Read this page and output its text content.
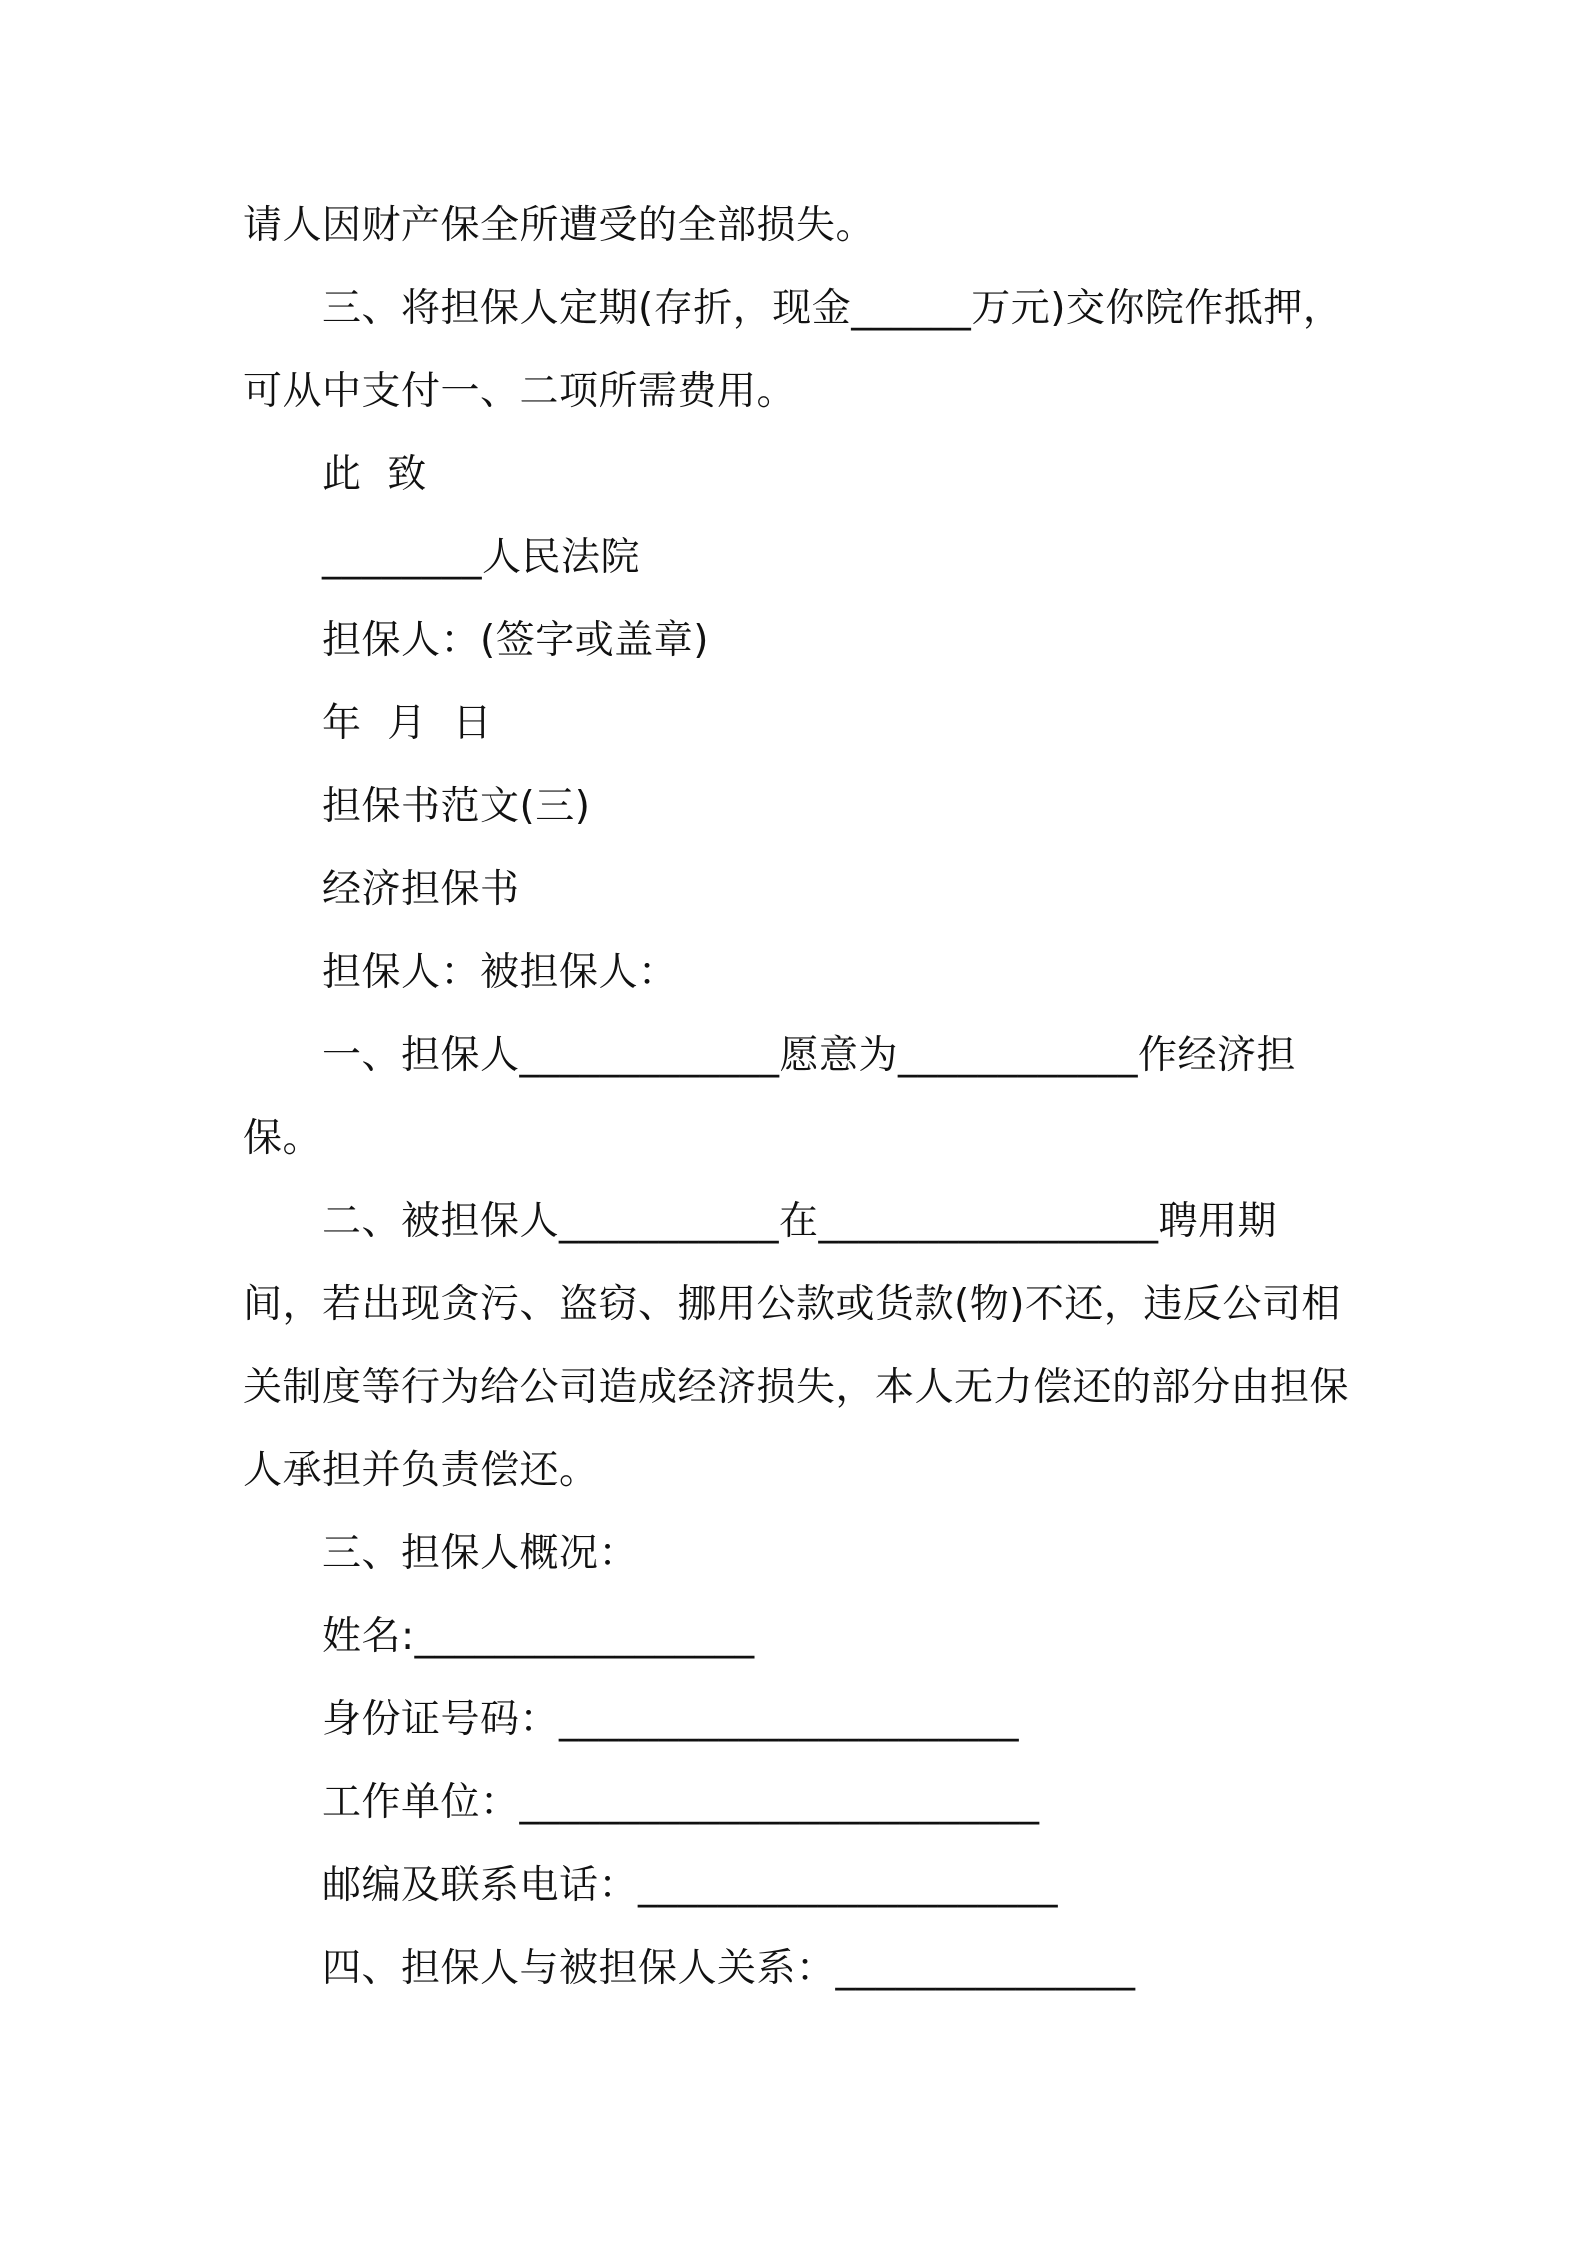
请人因财产保全所遭受的全部损失。
三、将担保人定期(存折，现金______万元)交你院作抵押，
可从中支付一、二项所需费用。
此  致
________人民法院
担保人：(签字或盖章)
年  月  日
担保书范文(三)
经济担保书
担保人：被担保人：
一、担保人_____________愿意为____________作经济担
保。
二、被担保人___________在_________________聘用期
间，若出现贪污、盗窃、挪用公款或货款(物)不还，违反公司相
关制度等行为给公司造成经济损失，本人无力偿还的部分由担保
人承担并负责偿还。
三、担保人概况：
姓名:_________________
身份证号码：_______________________
工作单位：__________________________
邮编及联系电话：_____________________
四、担保人与被担保人关系：_______________
